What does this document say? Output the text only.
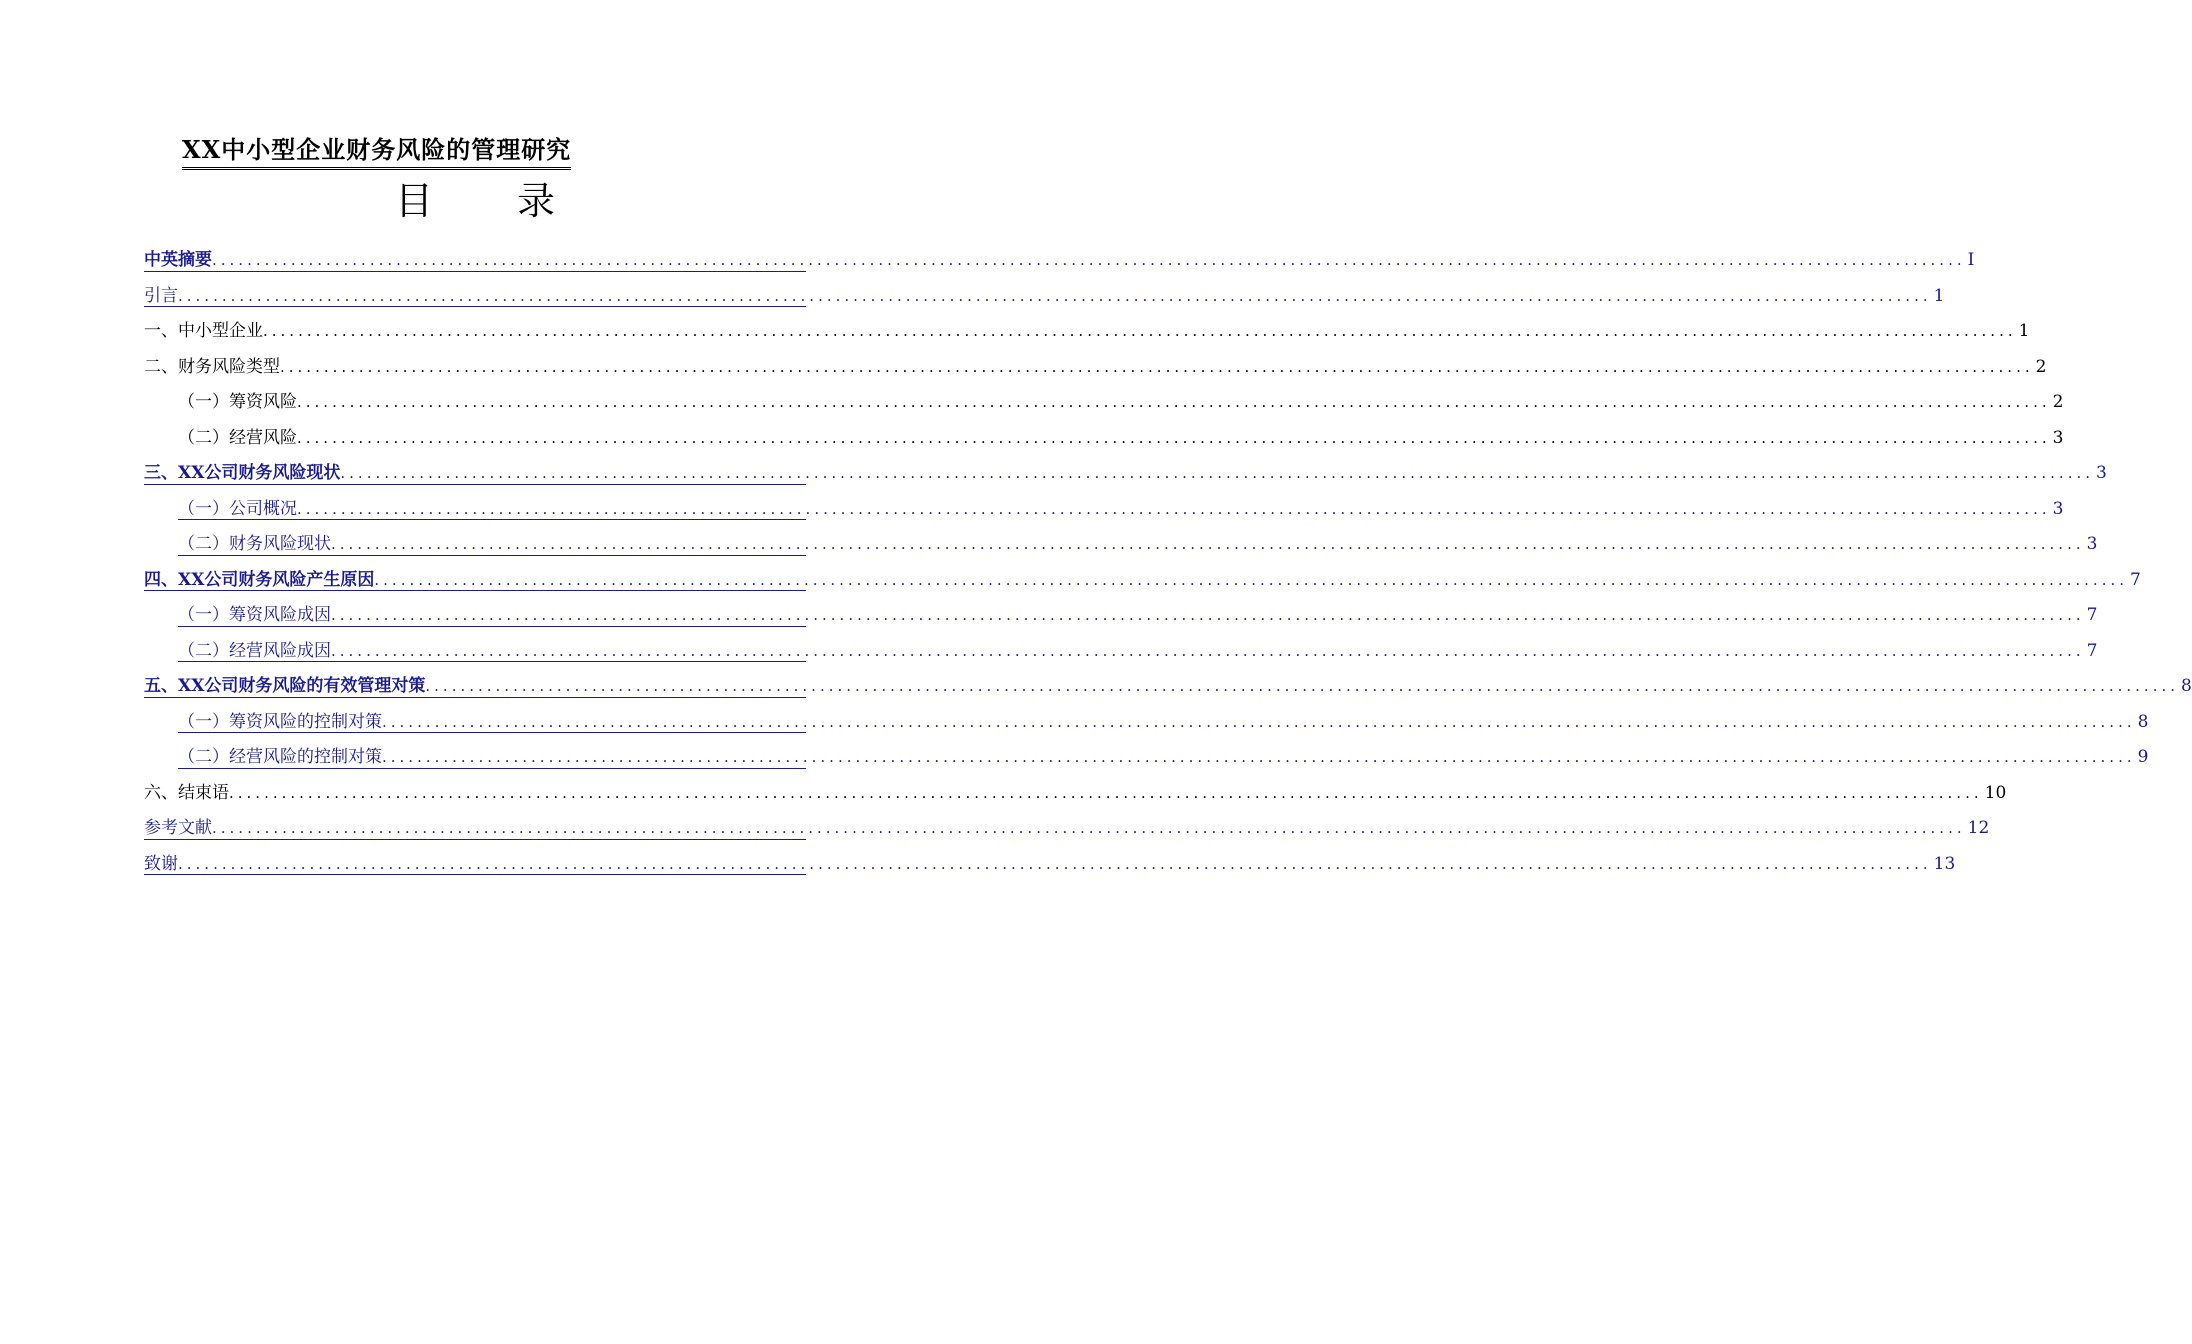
XX中小型企业财务风险的管理研究
目 录
中英摘要 ........................................................................................................................................................................................................ I
引言 ........................................................................................................................................................................................................ 1
一、中小型企业 ........................................................................................................................................................................................................ 1
二、财务风险类型 ........................................................................................................................................................................................................ 2
（一）筹资风险 ........................................................................................................................................................................................................ 2
（二）经营风险 ........................................................................................................................................................................................................ 3
三、XX公司财务风险现状 ........................................................................................................................................................................................................ 3
（一）公司概况 ........................................................................................................................................................................................................ 3
（二）财务风险现状 ........................................................................................................................................................................................................ 3
四、XX公司财务风险产生原因 ........................................................................................................................................................................................................ 7
（一）筹资风险成因 ........................................................................................................................................................................................................ 7
（二）经营风险成因 ........................................................................................................................................................................................................ 7
五、XX公司财务风险的有效管理对策 ........................................................................................................................................................................................................ 8
（一）筹资风险的控制对策 ........................................................................................................................................................................................................ 8
（二）经营风险的控制对策 ........................................................................................................................................................................................................ 9
六、结束语 ........................................................................................................................................................................................................ 10
参考文献 ........................................................................................................................................................................................................ 12
致谢 ........................................................................................................................................................................................................ 13
